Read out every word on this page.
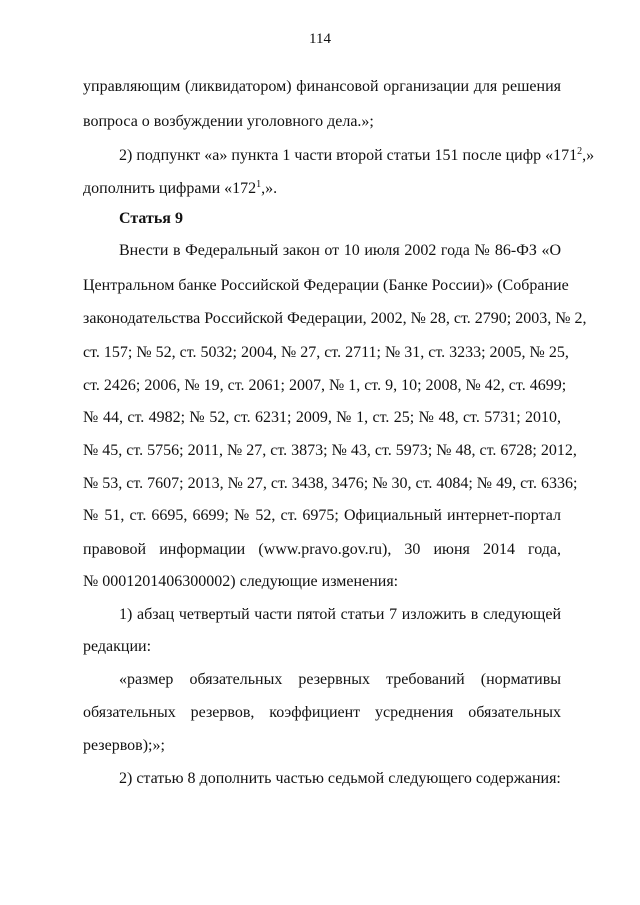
114
управляющим (ликвидатором) финансовой организации для решения
вопроса о возбуждении уголовного дела.»;
2) подпункт «а» пункта 1 части второй статьи 151 после цифр «$171^2$,»
дополнить цифрами «$172^1$,».
Статья 9
Внести в Федеральный закон от 10 июля 2002 года № 86-ФЗ «О
Центральном банке Российской Федерации (Банке России)» (Собрание
законодательства Российской Федерации, 2002, № 28, ст. 2790; 2003, № 2,
ст. 157; № 52, ст. 5032; 2004, № 27, ст. 2711; № 31, ст. 3233; 2005, № 25,
ст. 2426; 2006, № 19, ст. 2061; 2007, № 1, ст. 9, 10; 2008, № 42, ст. 4699;
№ 44, ст. 4982; № 52, ст. 6231; 2009, № 1, ст. 25; № 48, ст. 5731; 2010,
№ 45, ст. 5756; 2011, № 27, ст. 3873; № 43, ст. 5973; № 48, ст. 6728; 2012,
№ 53, ст. 7607; 2013, № 27, ст. 3438, 3476; № 30, ст. 4084; № 49, ст. 6336;
№ 51, ст. 6695, 6699; № 52, ст. 6975; Официальный интернет-портал
правовой информации (www.pravo.gov.ru), 30 июня 2014 года,
№ 0001201406300002) следующие изменения:
1) абзац четвертый части пятой статьи 7 изложить в следующей
редакции:
«размер обязательных резервных требований (нормативы
обязательных резервов, коэффициент усреднения обязательных
резервов);»;
2) статью 8 дополнить частью седьмой следующего содержания:
